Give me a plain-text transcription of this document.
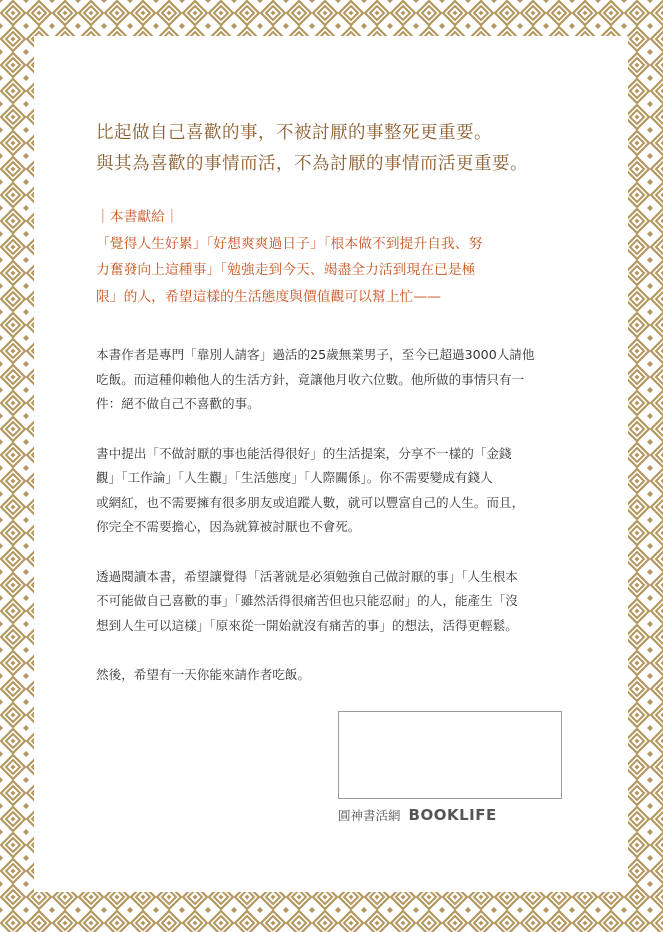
比起做自己喜歡的事，不被討厭的事整死更重要。
與其為喜歡的事情而活，不為討厭的事情而活更重要。
｜本書獻給｜
「覺得人生好累」「好想爽爽過日子」「根本做不到提升自我、努
力奮發向上這種事」「勉強走到今天、竭盡全力活到現在已是極
限」的人，希望這樣的生活態度與價值觀可以幫上忙——

本書作者是專門「靠別人請客」過活的25歲無業男子，至今已超過3000人請他
吃飯。而這種仰賴他人的生活方針，竟讓他月收六位數。他所做的事情只有一
件：絕不做自己不喜歡的事。

書中提出「不做討厭的事也能活得很好」的生活提案，分享不一樣的「金錢
觀」「工作論」「人生觀」「生活態度」「人際關係」。你不需要變成有錢人
或網紅，也不需要擁有很多朋友或追蹤人數，就可以豐富自己的人生。而且，
你完全不需要擔心，因為就算被討厭也不會死。

透過閱讀本書，希望讓覺得「活著就是必須勉強自己做討厭的事」「人生根本
不可能做自己喜歡的事」「雖然活得很痛苦但也只能忍耐」的人，能產生「沒
想到人生可以這樣」「原來從一開始就沒有痛苦的事」的想法，活得更輕鬆。

然後，希望有一天你能來請作者吃飯。

圓神書活網 BOOKLIFE
